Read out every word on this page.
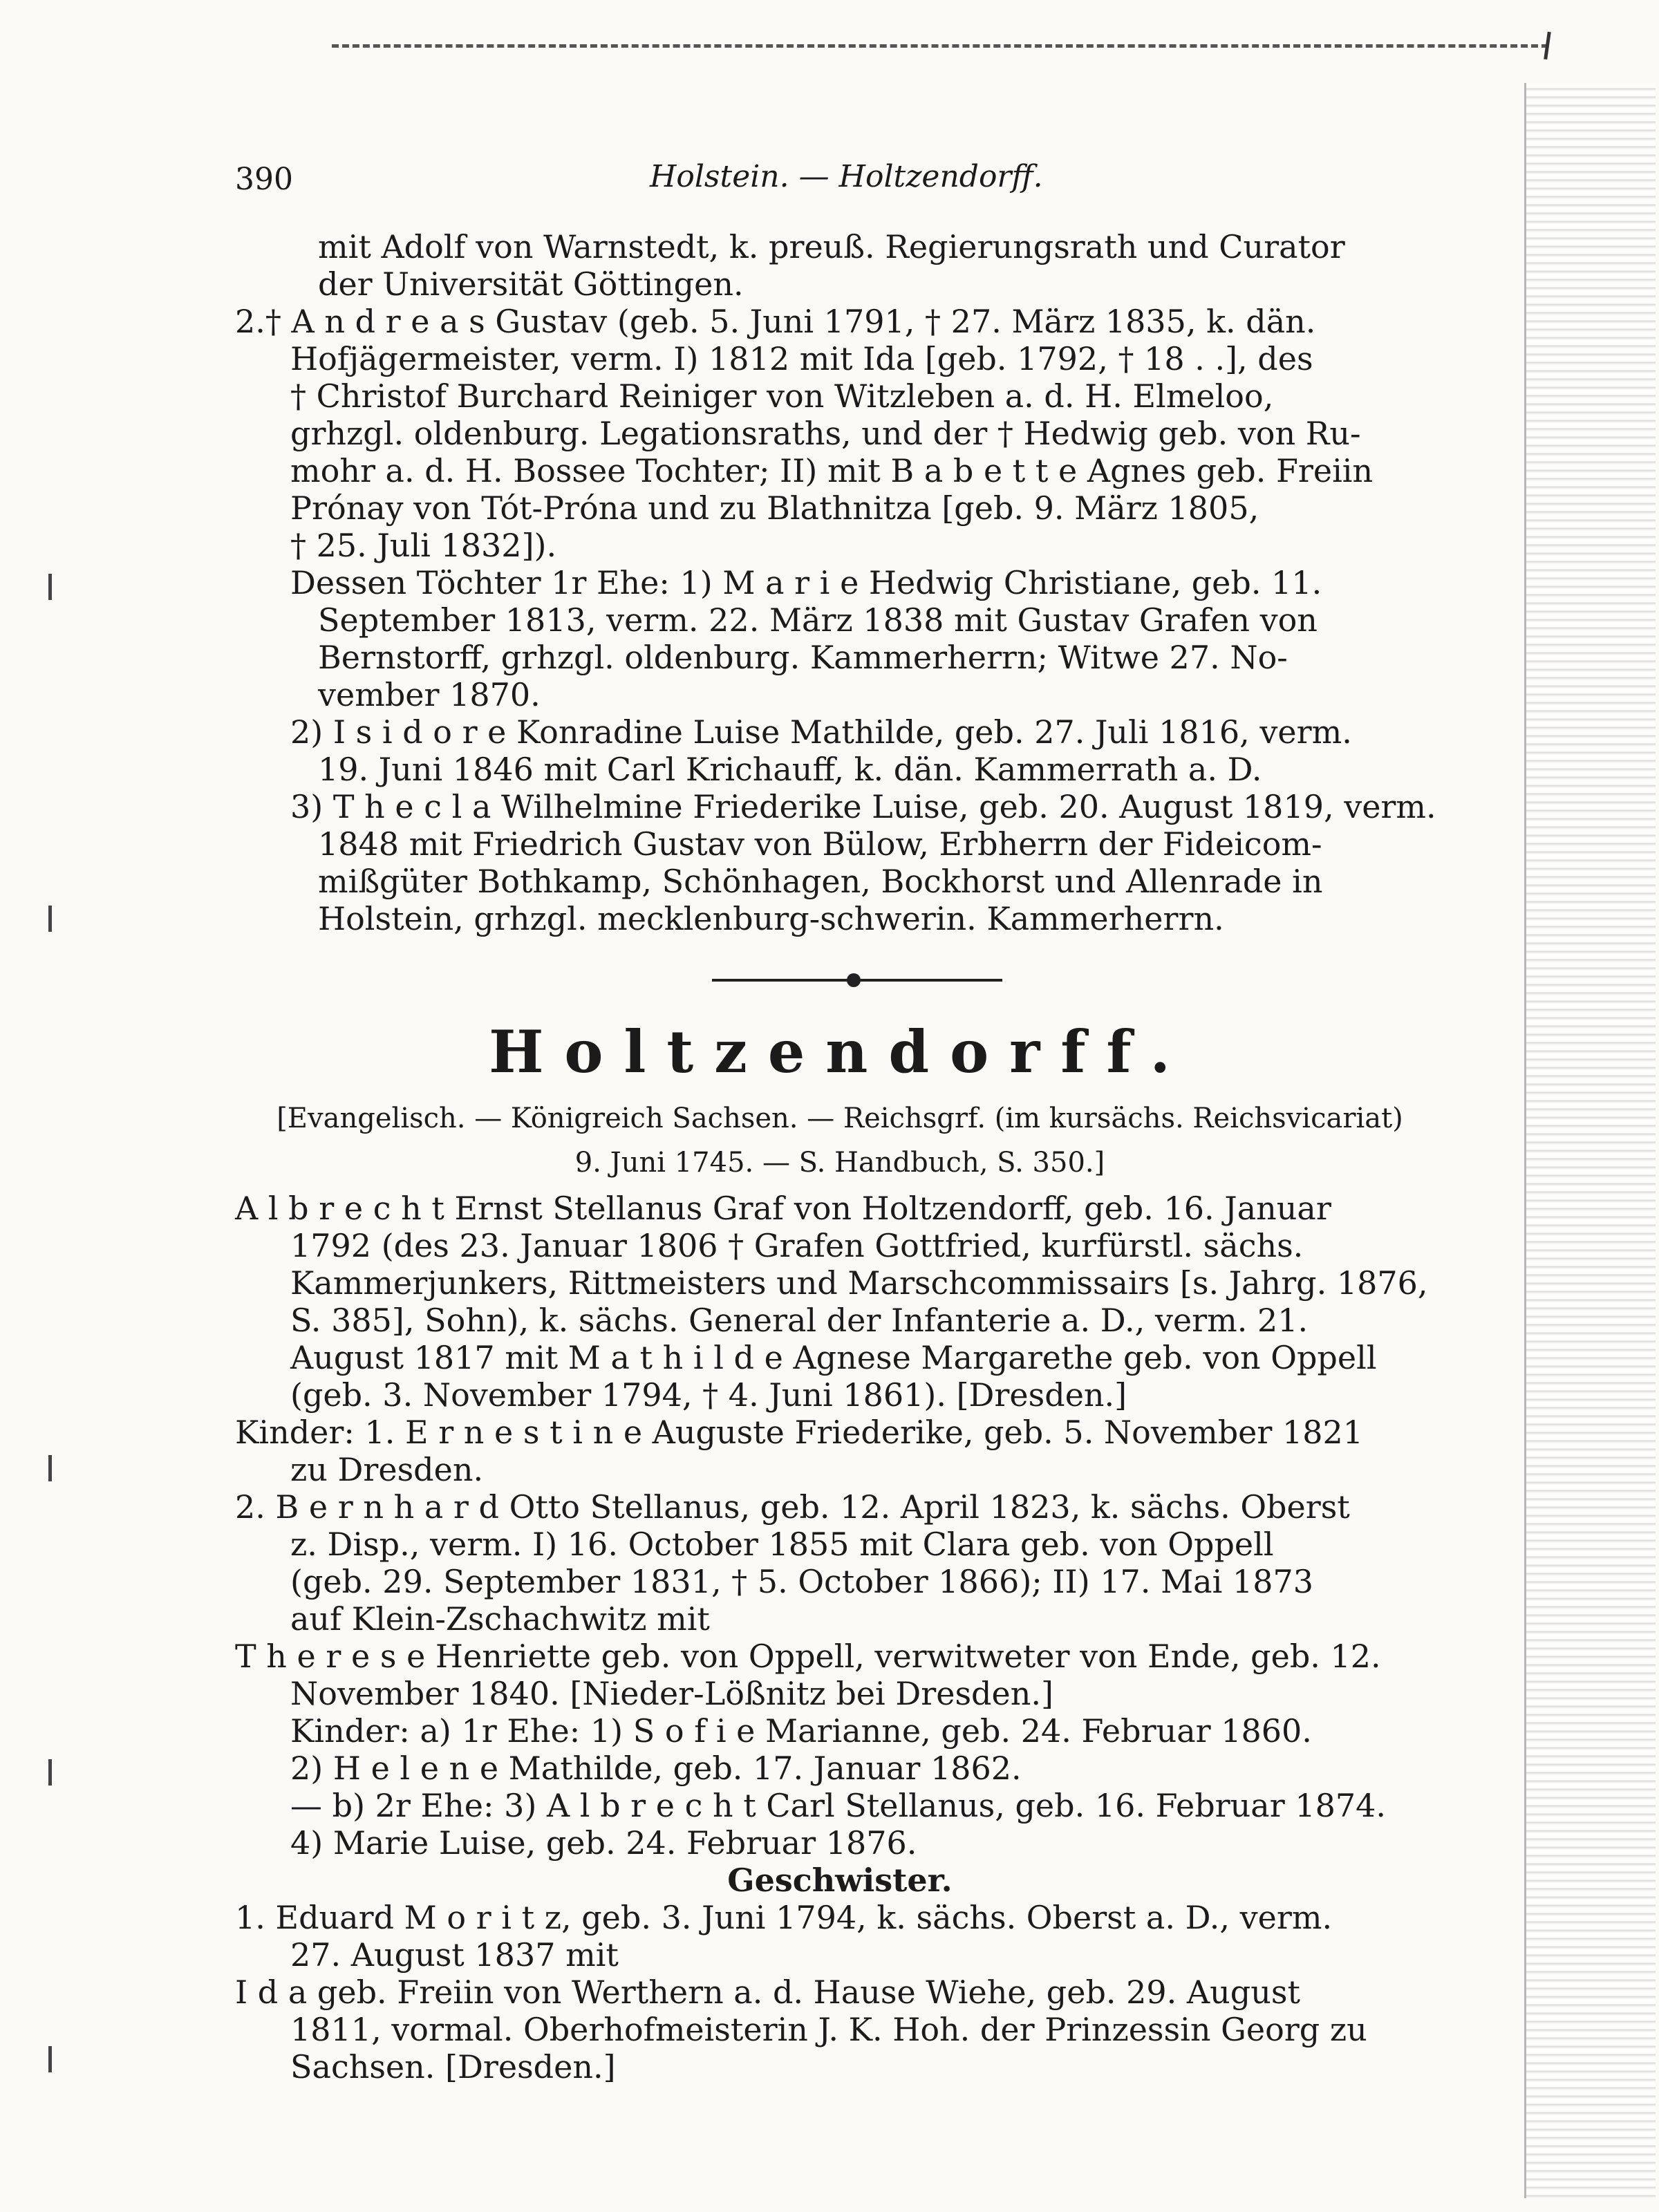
390	Holstein. — Holtzendorff.

mit Adolf von Warnstedt, k. preuß. Regierungsrath und Curator

der Universität Göttingen.

2.† A n d r e a s Gustav (geb. 5. Juni 1791, † 27. März 1835, k. dän.

Hofjägermeister, verm. I) 1812 mit Ida [geb. 1792, † 18 . .], des

† Christof Burchard Reiniger von Witzleben a. d. H. Elmeloo,

grhzgl. oldenburg. Legationsraths, und der † Hedwig geb. von Ru-

mohr a. d. H. Bossee Tochter; II) mit B a b e t t e Agnes geb. Freiin

Prónay von Tót-Próna und zu Blathnitza [geb. 9. März 1805,

† 25. Juli 1832]).

Dessen Töchter 1r Ehe: 1) M a r i e Hedwig Christiane, geb. 11.

September 1813, verm. 22. März 1838 mit Gustav Grafen von

Bernstorff, grhzgl. oldenburg. Kammerherrn; Witwe 27. No-

vember 1870.

2) I s i d o r e Konradine Luise Mathilde, geb. 27. Juli 1816, verm.

19. Juni 1846 mit Carl Krichauff, k. dän. Kammerrath a. D.

3) T h e c l a Wilhelmine Friederike Luise, geb. 20. August 1819, verm.

1848 mit Friedrich Gustav von Bülow, Erbherrn der Fideicom-

mißgüter Bothkamp, Schönhagen, Bockhorst und Allenrade in

Holstein, grhzgl. mecklenburg-schwerin. Kammerherrn.

Holtzendorff.

[Evangelisch. — Königreich Sachsen. — Reichsgrf. (im kursächs. Reichsvicariat)

9. Juni 1745. — S. Handbuch, S. 350.]

A l b r e c h t Ernst Stellanus Graf von Holtzendorff, geb. 16. Januar

1792 (des 23. Januar 1806 † Grafen Gottfried, kurfürstl. sächs.

Kammerjunkers, Rittmeisters und Marschcommissairs [s. Jahrg. 1876,

S. 385], Sohn), k. sächs. General der Infanterie a. D., verm. 21.

August 1817 mit M a t h i l d e Agnese Margarethe geb. von Oppell

(geb. 3. November 1794, † 4. Juni 1861). [Dresden.]

Kinder: 1. E r n e s t i n e Auguste Friederike, geb. 5. November 1821

zu Dresden.

2. B e r n h a r d Otto Stellanus, geb. 12. April 1823, k. sächs. Oberst

z. Disp., verm. I) 16. October 1855 mit Clara geb. von Oppell

(geb. 29. September 1831, † 5. October 1866); II) 17. Mai 1873

auf Klein-Zschachwitz mit

T h e r e s e Henriette geb. von Oppell, verwitweter von Ende, geb. 12.

November 1840. [Nieder-Lößnitz bei Dresden.]

Kinder: a) 1r Ehe: 1) S o f i e Marianne, geb. 24. Februar 1860.

2) H e l e n e Mathilde, geb. 17. Januar 1862.

— b) 2r Ehe: 3) A l b r e c h t Carl Stellanus, geb. 16. Februar 1874.

4) Marie Luise, geb. 24. Februar 1876.

Geschwister.

1. Eduard M o r i t z, geb. 3. Juni 1794, k. sächs. Oberst a. D., verm.

27. August 1837 mit

I d a geb. Freiin von Werthern a. d. Hause Wiehe, geb. 29. August

1811, vormal. Oberhofmeisterin J. K. Hoh. der Prinzessin Georg zu

Sachsen. [Dresden.]
